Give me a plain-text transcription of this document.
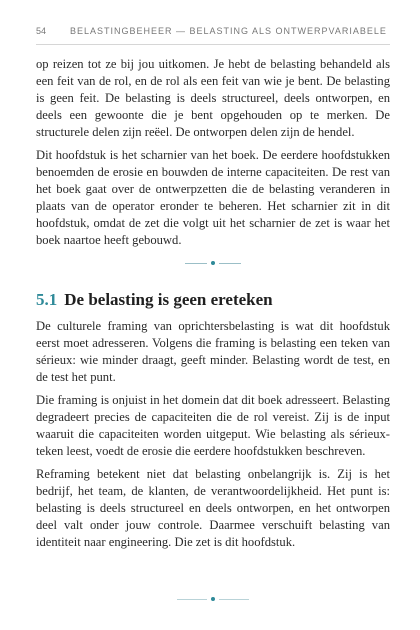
54	BELASTINGBEHEER — BELASTING ALS ONTWERPVARIABELE

op reizen tot ze bij jou uitkomen. Je hebt de belasting behandeld als een feit van de rol, en de rol als een feit van wie je bent. De belasting is geen feit. De belasting is deels structureel, deels ontworpen, en deels een gewoonte die je bent opgehouden op te merken. De structurele delen zijn reëel. De ontworpen delen zijn de hendel.

Dit hoofdstuk is het scharnier van het boek. De eerdere hoofdstukken benoemden de erosie en bouwden de interne capaciteiten. De rest van het boek gaat over de ontwerpzetten die de belasting veranderen in plaats van de operator eronder te beheren. Het scharnier zit in dit hoofdstuk, omdat de zet die volgt uit het scharnier de zet is waar het boek naartoe heeft gebouwd.

5.1 De belasting is geen ereteken

De culturele framing van oprichtersbelasting is wat dit hoofdstuk eerst moet adresseren. Volgens die framing is belasting een teken van sérieux: wie minder draagt, geeft minder. Belasting wordt de test, en de test het punt.

Die framing is onjuist in het domein dat dit boek adresseert. Belasting degradeert precies de capaciteiten die de rol vereist. Zij is de input waaruit die capaciteiten worden uitgeput. Wie belasting als sérieuxteken leest, voedt de erosie die eerdere hoofdstukken beschreven.

Reframing betekent niet dat belasting onbelangrijk is. Zij is het bedrijf, het team, de klanten, de verantwoordelijkheid. Het punt is: belasting is deels structureel en deels ontworpen, en het ontworpen deel valt onder jouw controle. Daarmee verschuift belasting van identiteit naar engineering. Die zet is dit hoofdstuk.
